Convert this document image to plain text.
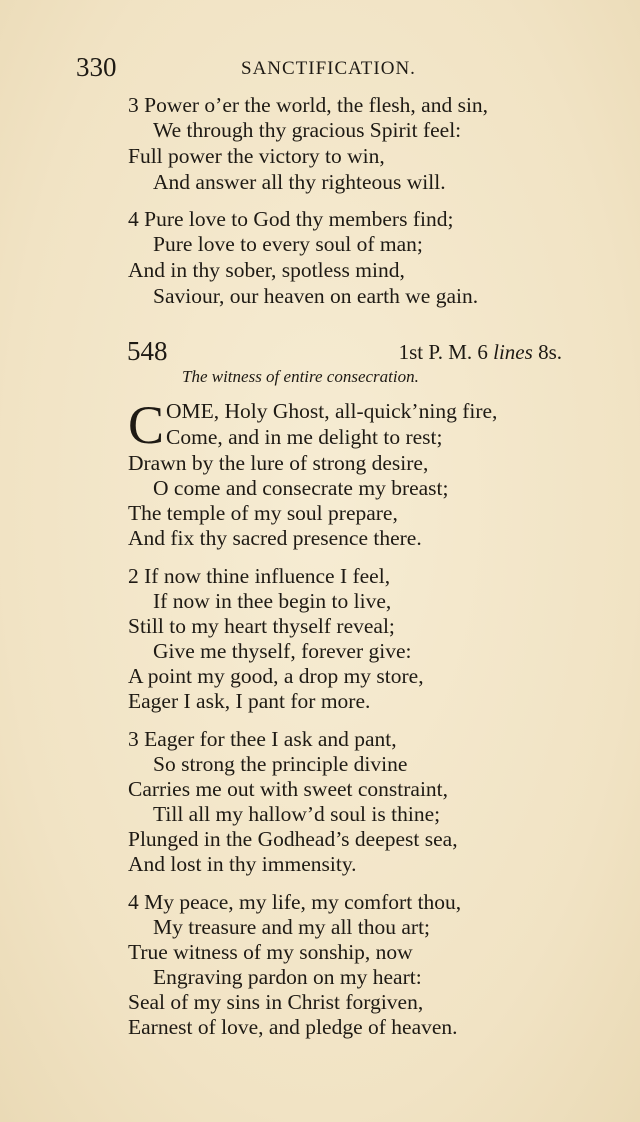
330	SANCTIFICATION.
3 Power o’er the world, the flesh, and sin,
We through thy gracious Spirit feel:
Full power the victory to win,
And answer all thy righteous will.
4 Pure love to God thy members find;
Pure love to every soul of man;
And in thy sober, spotless mind,
Saviour, our heaven on earth we gain.
548	1st P. M. 6 lines 8s.
The witness of entire consecration.
C OME, Holy Ghost, all-quick’ning fire,
Come, and in me delight to rest;
Drawn by the lure of strong desire,
O come and consecrate my breast;
The temple of my soul prepare,
And fix thy sacred presence there.
2 If now thine influence I feel,
If now in thee begin to live,
Still to my heart thyself reveal;
Give me thyself, forever give:
A point my good, a drop my store,
Eager I ask, I pant for more.
3 Eager for thee I ask and pant,
So strong the principle divine
Carries me out with sweet constraint,
Till all my hallow’d soul is thine;
Plunged in the Godhead’s deepest sea,
And lost in thy immensity.
4 My peace, my life, my comfort thou,
My treasure and my all thou art;
True witness of my sonship, now
Engraving pardon on my heart:
Seal of my sins in Christ forgiven,
Earnest of love, and pledge of heaven.
